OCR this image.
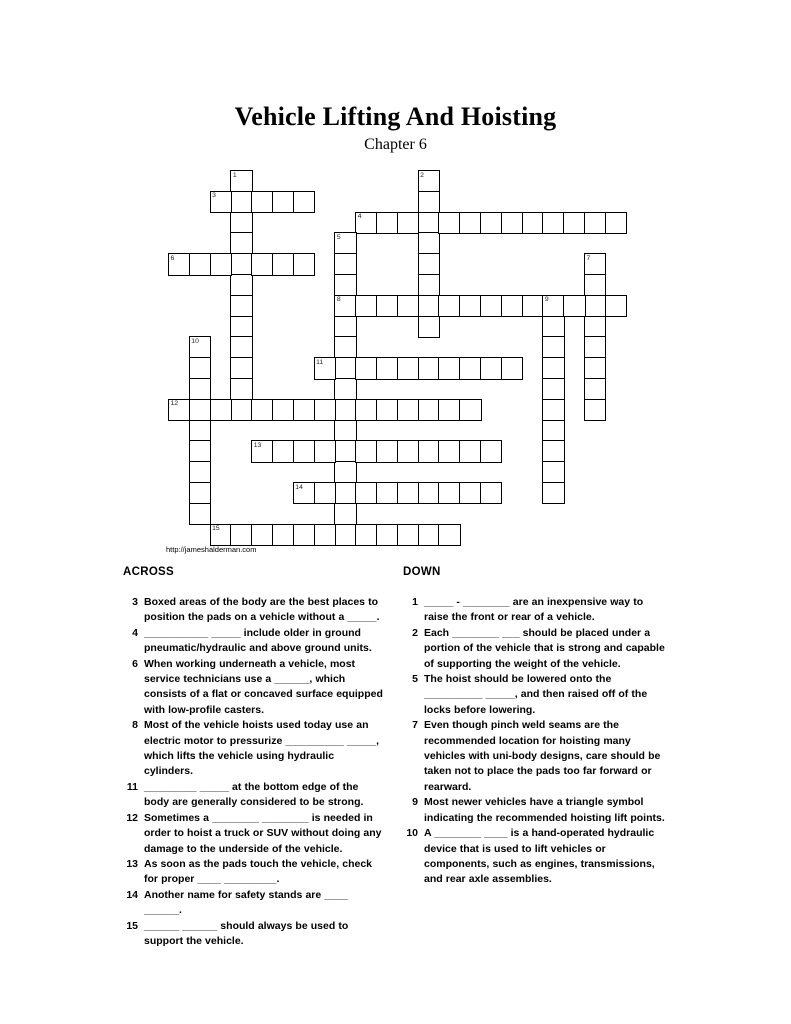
Vehicle Lifting And Hoisting
Chapter 6
1	2
3
4
5
8
6	7
9
10
11
12
13
14
15
http://jameshalderman.com
ACROSS
3 Boxed areas of the body are the best places to position the pads on a vehicle without a _____.
4 ___________ _____ include older in ground pneumatic/hydraulic and above ground units.
6 When working underneath a vehicle, most service technicians use a ______, which consists of a flat or concaved surface equipped with low-profile casters.
8 Most of the vehicle hoists used today use an electric motor to pressurize __________ _____, which lifts the vehicle using hydraulic cylinders.
11 _________ _____ at the bottom edge of the body are generally considered to be strong.
12 Sometimes a ________ ________ is needed in order to hoist a truck or SUV without doing any damage to the underside of the vehicle.
13 As soon as the pads touch the vehicle, check for proper ____ _________.
14 Another name for safety stands are ____ ______.
15 ______ ______ should always be used to support the vehicle.
DOWN
1 _____ - ________ are an inexpensive way to raise the front or rear of a vehicle.
2 Each ________ ___ should be placed under a portion of the vehicle that is strong and capable of supporting the weight of the vehicle.
5 The hoist should be lowered onto the __________ _____, and then raised off of the locks before lowering.
7 Even though pinch weld seams are the recommended location for hoisting many vehicles with uni-body designs, care should be taken not to place the pads too far forward or rearward.
9 Most newer vehicles have a triangle symbol indicating the recommended hoisting lift points.
10 A ________ ____ is a hand-operated hydraulic device that is used to lift vehicles or components, such as engines, transmissions, and rear axle assemblies.
